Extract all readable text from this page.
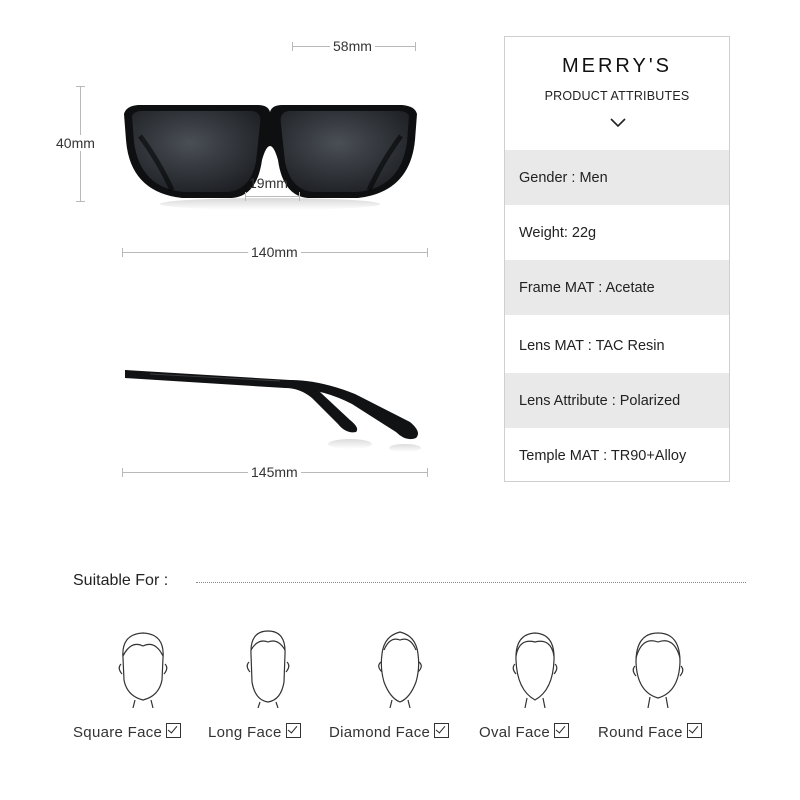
58mm
40mm
19mm
140mm
145mm
MERRY'S
PRODUCT ATTRIBUTES
Gender : Men
Weight: 22g
Frame MAT : Acetate
Lens MAT : TAC Resin
Lens Attribute : Polarized
Temple MAT : TR90+Alloy
Suitable For :
Square Face	Long Face	Diamond Face	Oval Face	Round Face
